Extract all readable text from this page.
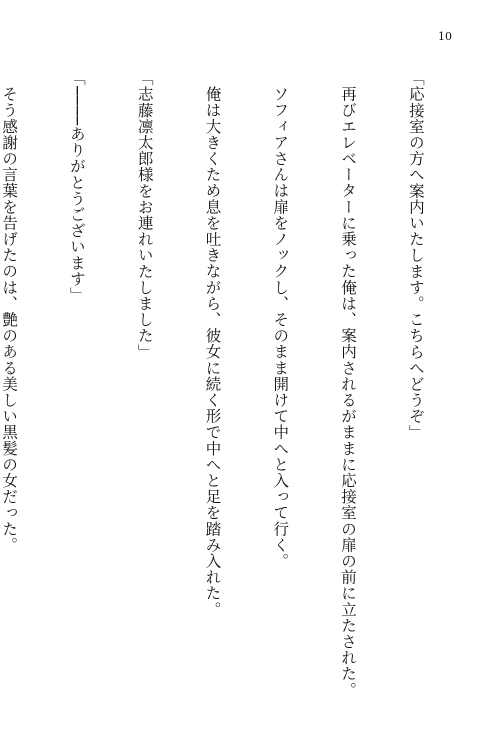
10

「応接室の方へ案内いたします。こちらへどうぞ」

再びエレベーターに乗った俺は、案内されるがままに応接室の扉の前に立たされた。

ソフィアさんは扉をノックし、そのまま開けて中へと入って行く。

俺は大きくため息を吐きながら、彼女に続く形で中へと足を踏み入れた。

「志藤凛太郎様をお連れいたしました」

「────ありがとうございます」

そう感謝の言葉を告げたのは、艶のある美しい黒髪の女だった。
